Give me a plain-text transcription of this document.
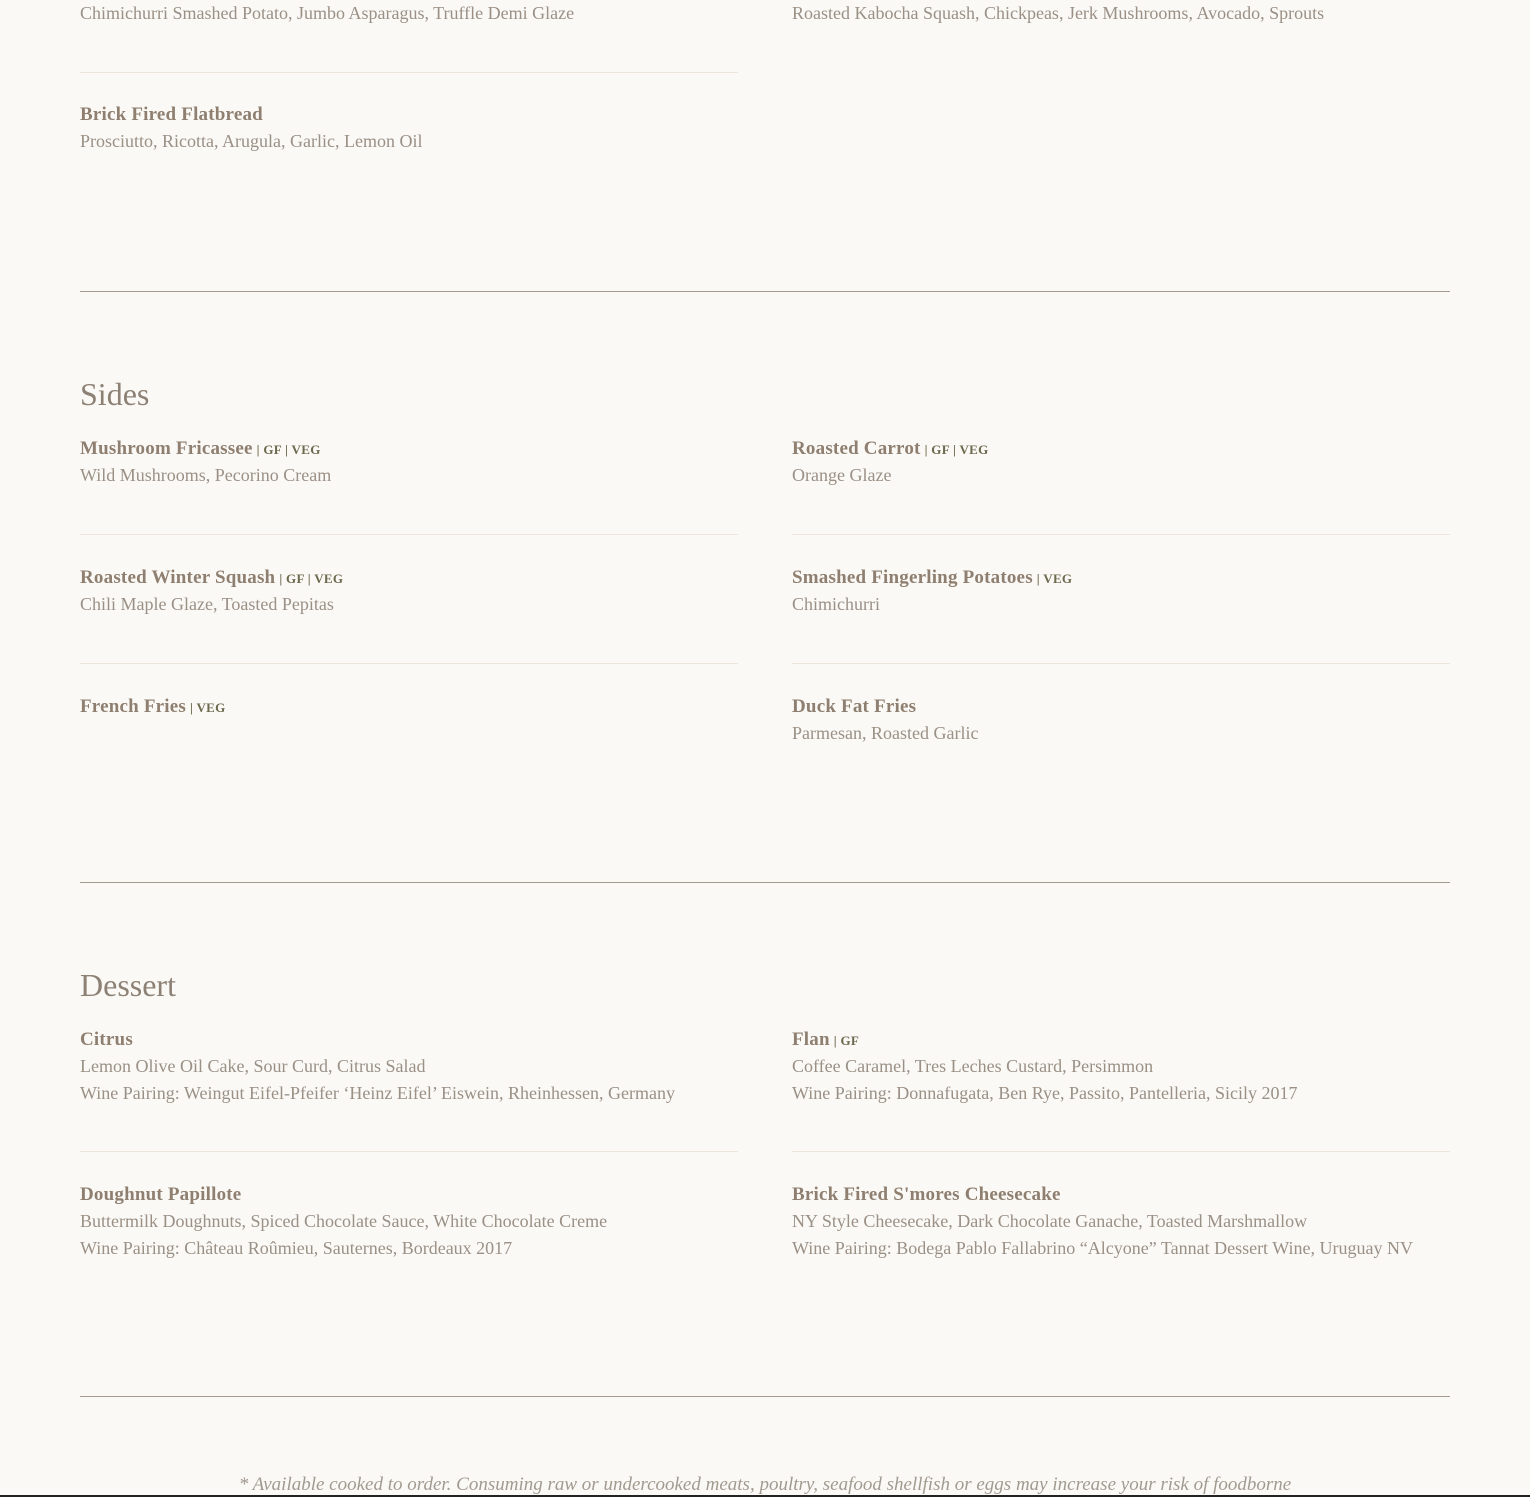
Chimichurri Smashed Potato, Jumbo Asparagus, Truffle Demi Glaze	Roasted Kabocha Squash, Chickpeas, Jerk Mushrooms, Avocado, Sprouts
Brick Fired Flatbread
Prosciutto, Ricotta, Arugula, Garlic, Lemon Oil
Sides
Mushroom Fricassee | GF | VEG
Wild Mushrooms, Pecorino Cream
Roasted Carrot | GF | VEG
Orange Glaze
Roasted Winter Squash | GF | VEG
Chili Maple Glaze, Toasted Pepitas
Smashed Fingerling Potatoes | VEG
Chimichurri
French Fries | VEG	Duck Fat Fries
Parmesan, Roasted Garlic
Dessert
Citrus
Lemon Olive Oil Cake, Sour Curd, Citrus Salad
Wine Pairing: Weingut Eifel-Pfeifer ‘Heinz Eifel’ Eiswein, Rheinhessen, Germany
Flan | GF
Coffee Caramel, Tres Leches Custard, Persimmon
Wine Pairing: Donnafugata, Ben Rye, Passito, Pantelleria, Sicily 2017
Doughnut Papillote
Buttermilk Doughnuts, Spiced Chocolate Sauce, White Chocolate Creme
Wine Pairing: Château Roûmieu, Sauternes, Bordeaux 2017
Brick Fired S'mores Cheesecake
NY Style Cheesecake, Dark Chocolate Ganache, Toasted Marshmallow
Wine Pairing: Bodega Pablo Fallabrino “Alcyone” Tannat Dessert Wine, Uruguay NV
* Available cooked to order. Consuming raw or undercooked meats, poultry, seafood shellfish or eggs may increase your risk of foodborne
